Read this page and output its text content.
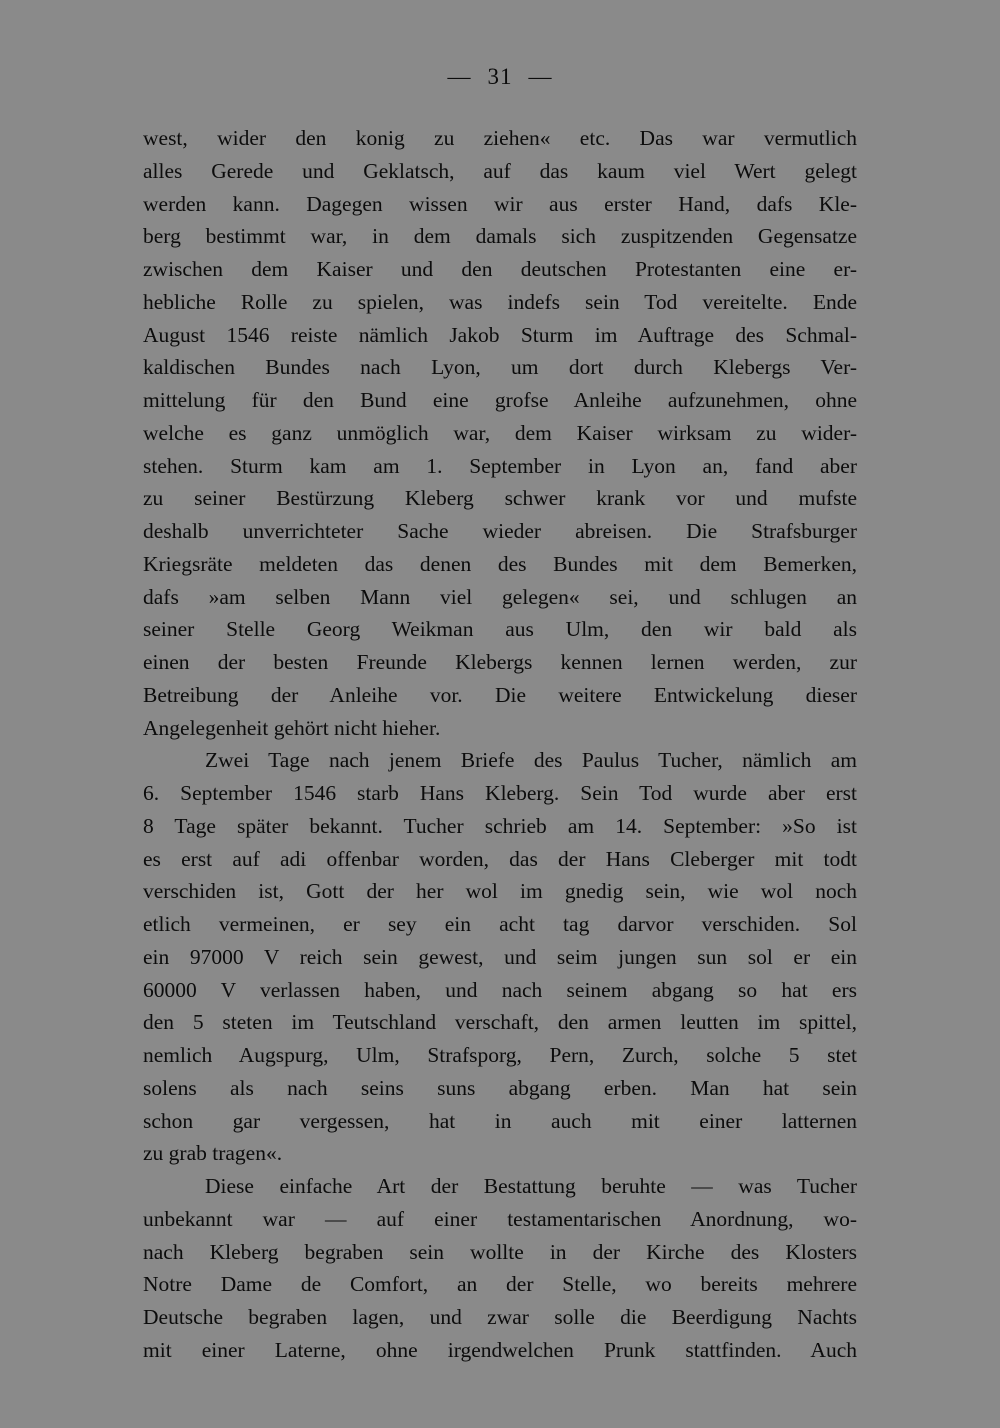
— 31 —
west, wider den konig zu ziehen« etc. Das war vermutlich
alles Gerede und Geklatsch, auf das kaum viel Wert gelegt
werden kann. Dagegen wissen wir aus erster Hand, dafs Kle-
berg bestimmt war, in dem damals sich zuspitzenden Gegensatze
zwischen dem Kaiser und den deutschen Protestanten eine er-
hebliche Rolle zu spielen, was indefs sein Tod vereitelte. Ende
August 1546 reiste nämlich Jakob Sturm im Auftrage des Schmal-
kaldischen Bundes nach Lyon, um dort durch Klebergs Ver-
mittelung für den Bund eine grofse Anleihe aufzunehmen, ohne
welche es ganz unmöglich war, dem Kaiser wirksam zu wider-
stehen. Sturm kam am 1. September in Lyon an, fand aber
zu seiner Bestürzung Kleberg schwer krank vor und mufste
deshalb unverrichteter Sache wieder abreisen. Die Strafsburger
Kriegsräte meldeten das denen des Bundes mit dem Bemerken,
dafs »am selben Mann viel gelegen« sei, und schlugen an
seiner Stelle Georg Weikman aus Ulm, den wir bald als
einen der besten Freunde Klebergs kennen lernen werden, zur
Betreibung der Anleihe vor. Die weitere Entwickelung dieser
Angelegenheit gehört nicht hieher.
Zwei Tage nach jenem Briefe des Paulus Tucher, nämlich am
6. September 1546 starb Hans Kleberg. Sein Tod wurde aber erst
8 Tage später bekannt. Tucher schrieb am 14. September: »So ist
es erst auf adi offenbar worden, das der Hans Cleberger mit todt
verschiden ist, Gott der her wol im gnedig sein, wie wol noch
etlich vermeinen, er sey ein acht tag darvor verschiden. Sol
ein 97000 V reich sein gewest, und seim jungen sun sol er ein
60000 V verlassen haben, und nach seinem abgang so hat ers
den 5 steten im Teutschland verschaft, den armen leutten im spittel,
nemlich Augspurg, Ulm, Strafsporg, Pern, Zurch, solche 5 stet
solens als nach seins suns abgang erben. Man hat sein
schon gar vergessen, hat in auch mit einer latternen
zu grab tragen«.
Diese einfache Art der Bestattung beruhte — was Tucher
unbekannt war — auf einer testamentarischen Anordnung, wo-
nach Kleberg begraben sein wollte in der Kirche des Klosters
Notre Dame de Comfort, an der Stelle, wo bereits mehrere
Deutsche begraben lagen, und zwar solle die Beerdigung Nachts
mit einer Laterne, ohne irgendwelchen Prunk stattfinden. Auch
